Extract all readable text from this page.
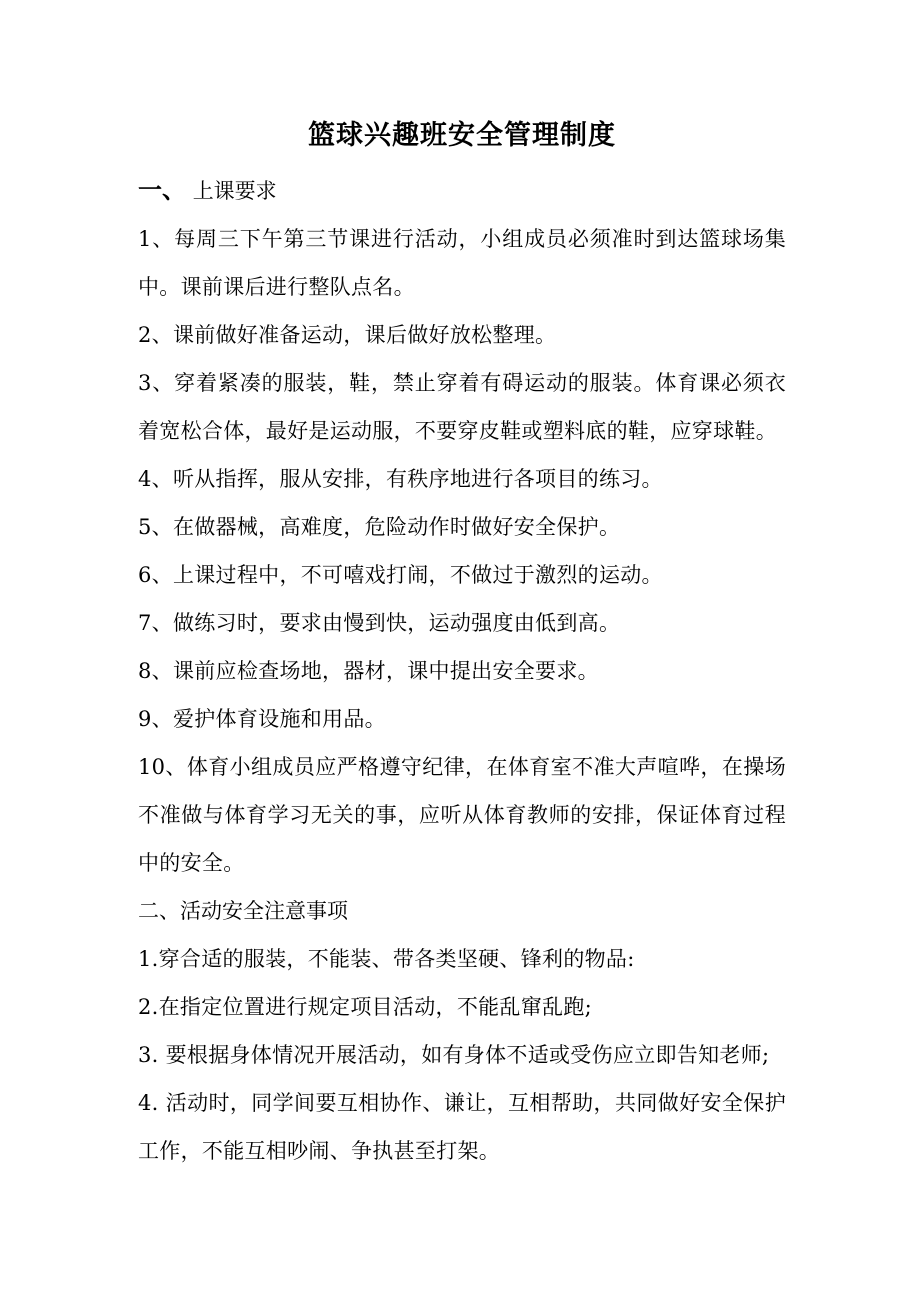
篮球兴趣班安全管理制度
一、 上课要求

1、每周三下午第三节课进行活动，小组成员必须准时到达篮球场集中。课前课后进行整队点名。

2、课前做好准备运动，课后做好放松整理。

3、穿着紧凑的服装，鞋，禁止穿着有碍运动的服装。体育课必须衣着宽松合体，最好是运动服，不要穿皮鞋或塑料底的鞋，应穿球鞋。

4、听从指挥，服从安排，有秩序地进行各项目的练习。

5、在做器械，高难度，危险动作时做好安全保护。

6、上课过程中，不可嘻戏打闹，不做过于激烈的运动。

7、做练习时，要求由慢到快，运动强度由低到高。

8、课前应检查场地，器材，课中提出安全要求。

9、爱护体育设施和用品。

10、体育小组成员应严格遵守纪律，在体育室不准大声喧哗，在操场不准做与体育学习无关的事，应听从体育教师的安排，保证体育过程中的安全。

二、活动安全注意事项

1.穿合适的服装，不能装、带各类坚硬、锋利的物品:

2.在指定位置进行规定项目活动，不能乱窜乱跑;

3. 要根据身体情况开展活动，如有身体不适或受伤应立即告知老师;

4. 活动时，同学间要互相协作、谦让，互相帮助，共同做好安全保护工作，不能互相吵闹、争执甚至打架。
